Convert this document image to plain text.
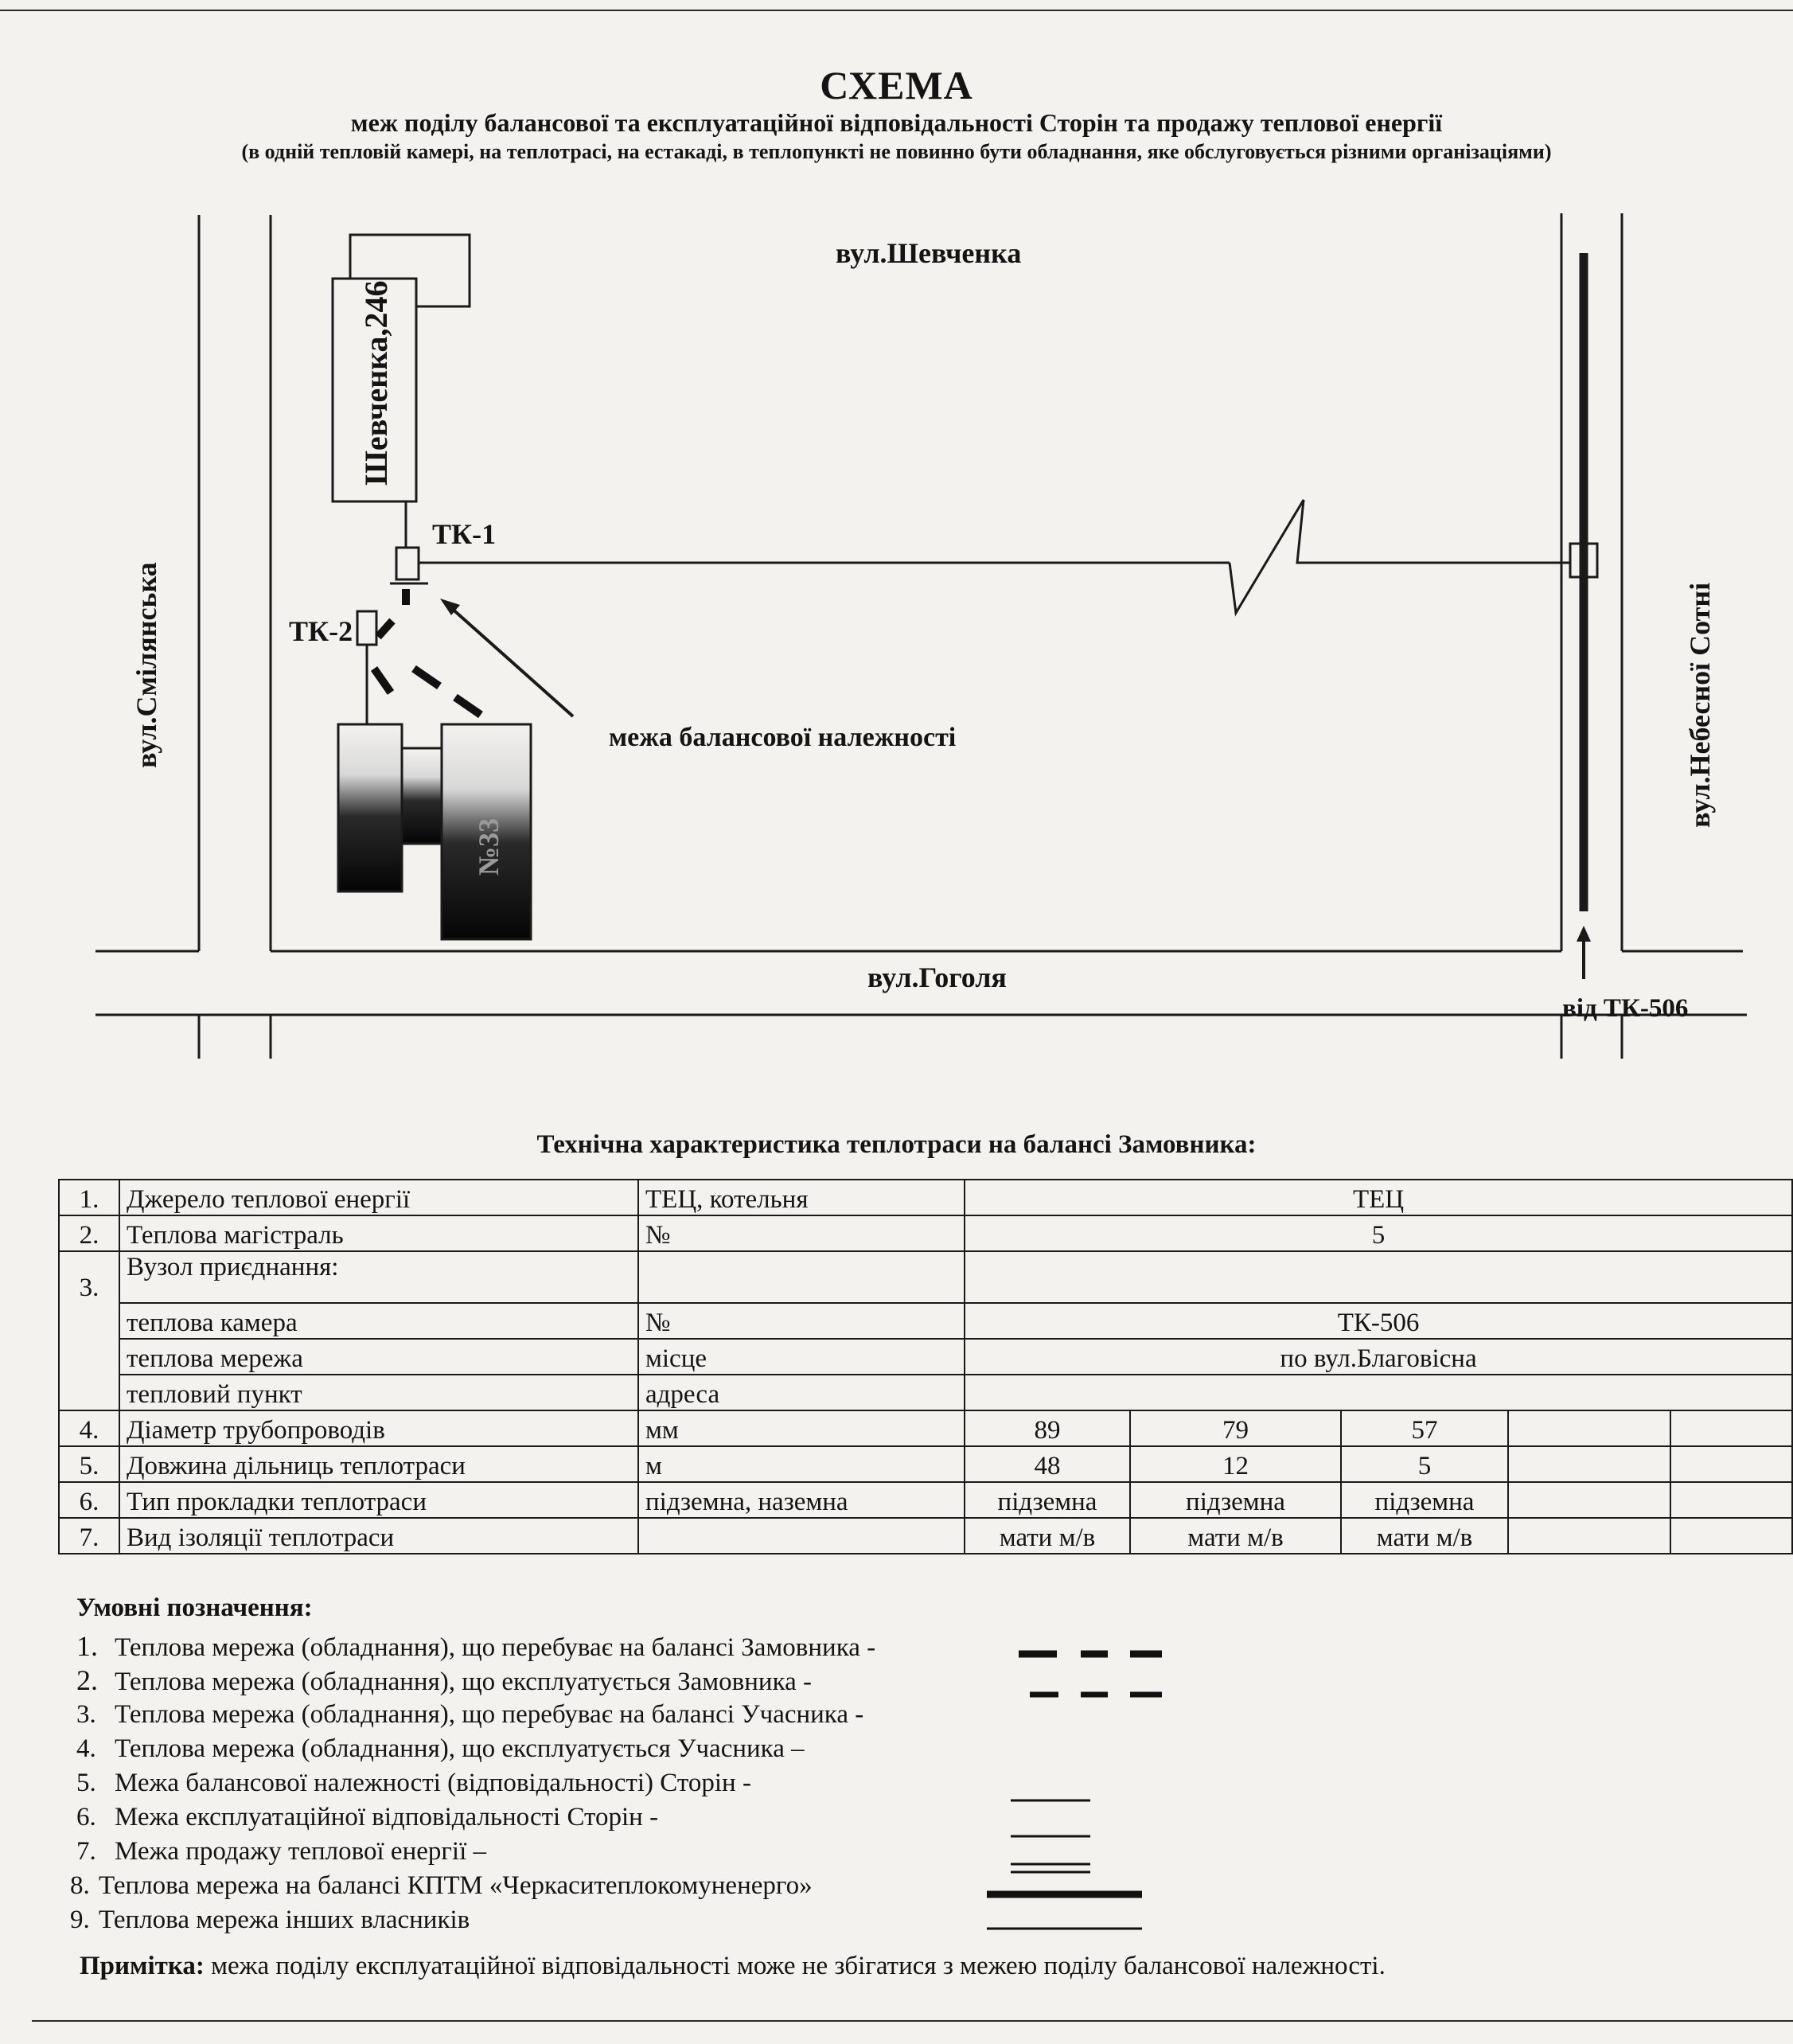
СХЕМА
меж поділу балансової та експлуатаційної відповідальності Сторін та продажу теплової енергії
(в одній тепловій камері, на теплотрасі, на естакаді, в теплопункті не повинно бути обладнання, яке обслуговується різними організаціями)
Шевченка,246
№33
вул.Шевченка
вул.Гоголя
вул.Смілянська	вул.Небесної Сотні
ТК-1
ТК-2
межа балансової належності
від ТК-506
Технічна характеристика теплотраси на балансі Замовника:
1.	Джерело теплової енергії	ТЕЦ, котельня	ТЕЦ				
2.	Теплова магістраль	№	5				
3.	Вузол приєднання:						
	теплова камера	№	ТК-506				
	теплова мережа	місце	по вул.Благовісна				
	тепловий пункт	адреса					
4.	Діаметр трубопроводів	мм	89	79	57		
5.	Довжина дільниць теплотраси	м	48	12	5		
6.	Тип прокладки теплотраси	підземна, наземна	підземна	підземна	підземна		
7.	Вид ізоляції теплотраси		мати м/в	мати м/в	мати м/в		
Умовні позначення:
1. Теплова мережа (обладнання), що перебуває на балансі Замовника -
2. Теплова мережа (обладнання), що експлуатується Замовника -
3. Теплова мережа (обладнання), що перебуває на балансі Учасника -
4. Теплова мережа (обладнання), що експлуатується Учасника –
5. Межа балансової належності (відповідальності) Сторін -
6. Межа експлуатаційної відповідальності Сторін -
7. Межа продажу теплової енергії –
8. Теплова мережа на балансі КПТМ «Черкаситеплокомуненерго»
9. Теплова мережа інших власників
Примітка: межа поділу експлуатаційної відповідальності може не збігатися з межею поділу балансової належності.
